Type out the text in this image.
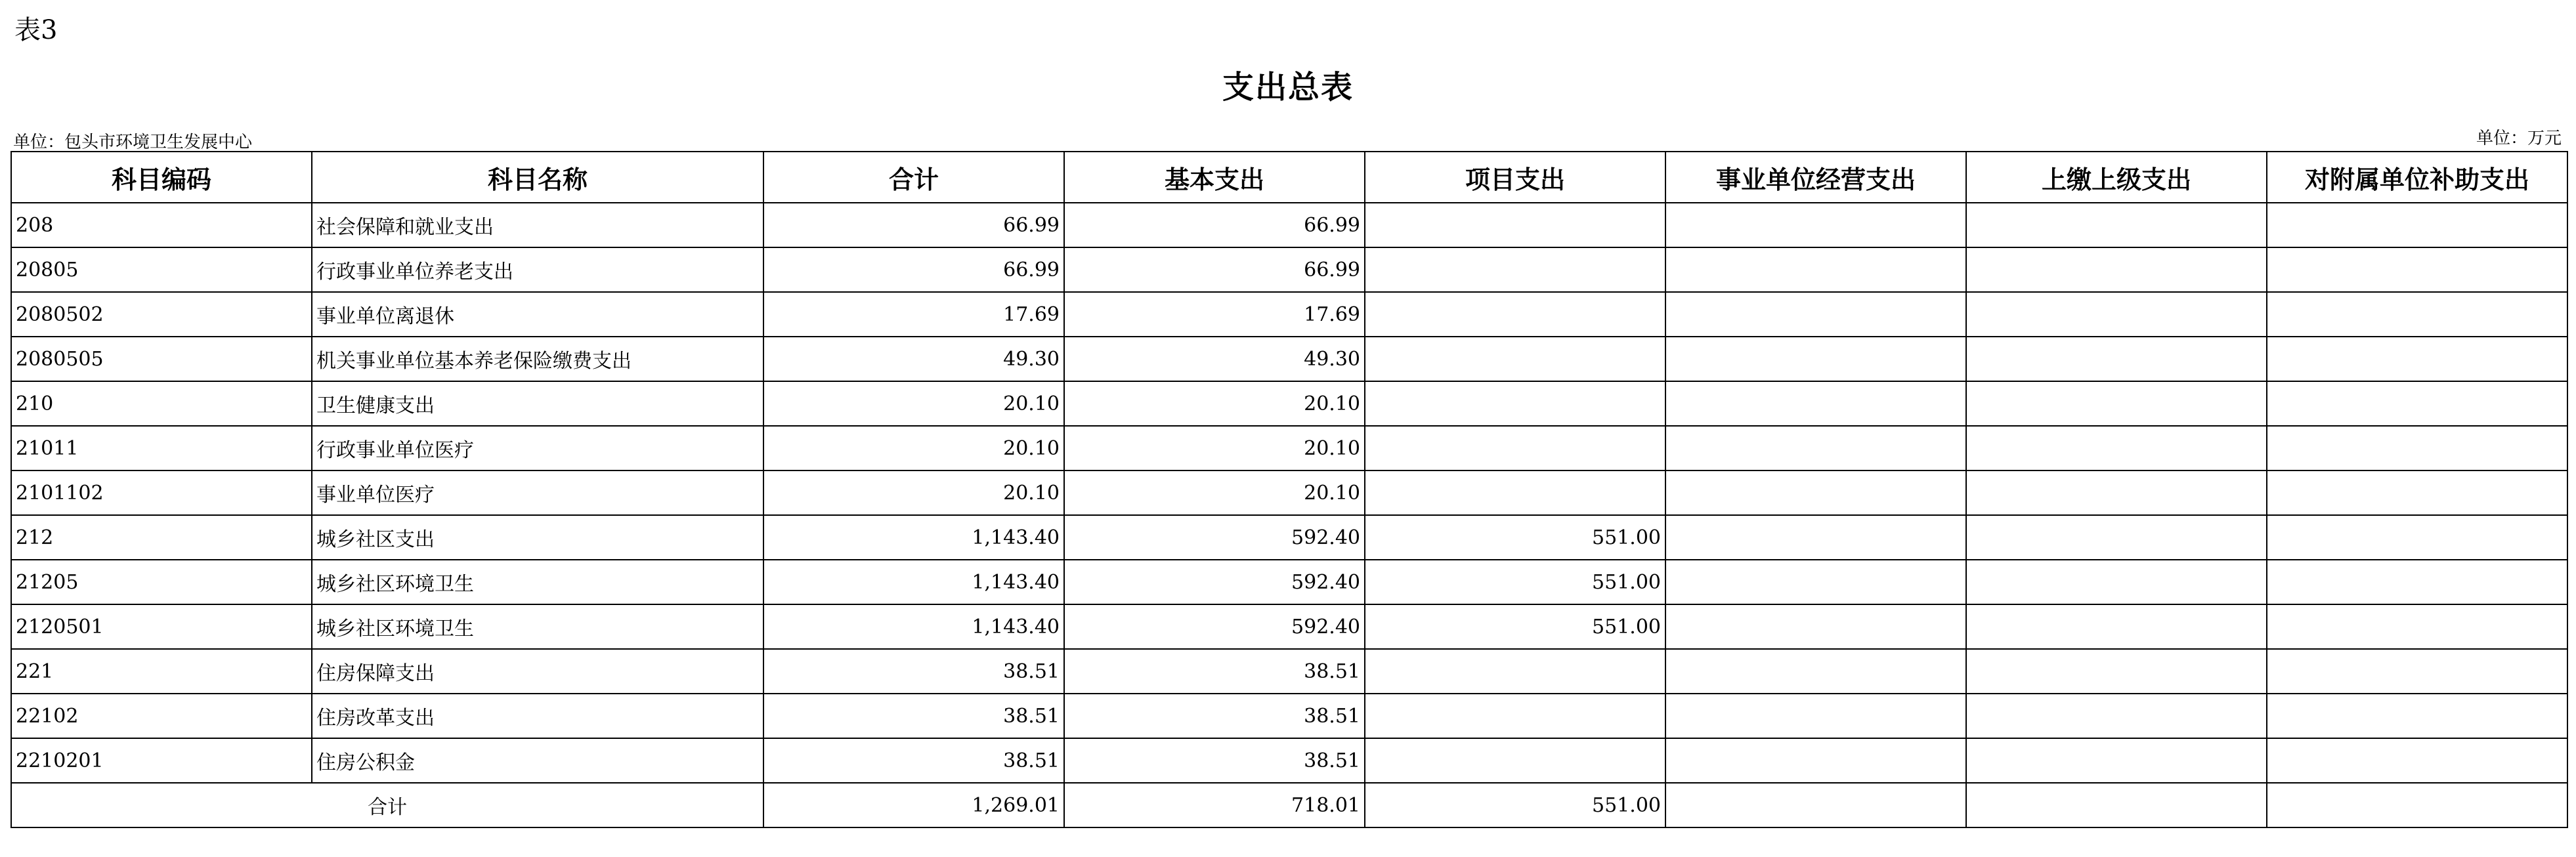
表3
支出总表
单位：包头市环境卫生发展中心	单位：万元
科目编码	科目名称	合计	基本支出	项目支出	事业单位经营支出	上缴上级支出	对附属单位补助支出
208	社会保障和就业支出	66.99	66.99				
20805	行政事业单位养老支出	66.99	66.99				
2080502	事业单位离退休	17.69	17.69				
2080505	机关事业单位基本养老保险缴费支出	49.30	49.30				
210	卫生健康支出	20.10	20.10				
21011	行政事业单位医疗	20.10	20.10				
2101102	事业单位医疗	20.10	20.10				
212	城乡社区支出	1,143.40	592.40	551.00			
21205	城乡社区环境卫生	1,143.40	592.40	551.00			
2120501	城乡社区环境卫生	1,143.40	592.40	551.00			
221	住房保障支出	38.51	38.51				
22102	住房改革支出	38.51	38.51				
2210201	住房公积金	38.51	38.51				
合计		1,269.01	718.01	551.00			
